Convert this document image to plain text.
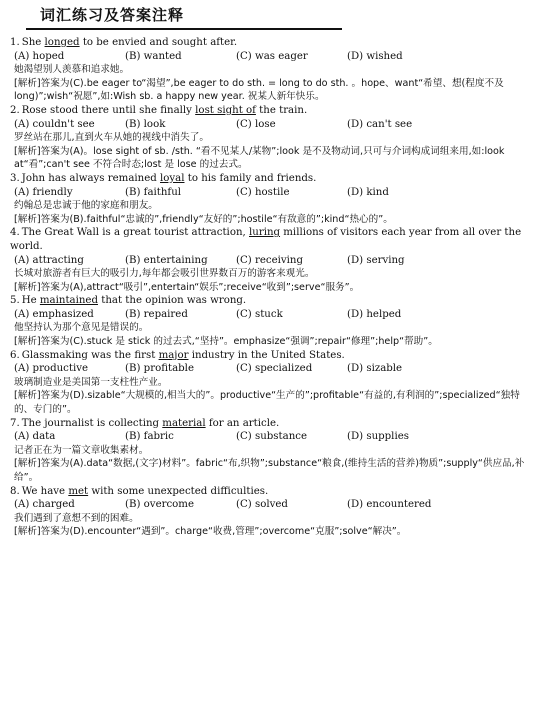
词汇练习及答案注释
1. She longed to be envied and sought after.
(A) hoped	(B) wanted	(C) was eager	(D) wished
她渴望别人羡慕和追求她。
[解析]答案为(C).be eager to“渴望”,be eager to do sth. = long to do sth. 。hope、want“希望、想(程度不及 long)”;wish“祝愿”,如:Wish sb. a happy new year. 祝某人新年快乐。
2. Rose stood there until she finally lost sight of the train.
(A) couldn't see	(B) look	(C) lose	(D) can't see
罗丝站在那儿,直到火车从她的视线中消失了。
[解析]答案为(A)。lose sight of sb. /sth. “看不见某人/某物”;look 是不及物动词,只可与介词构成词组来用,如:look at“看”;can't see 不符合时态;lost 是 lose 的过去式。
3. John has always remained loyal to his family and friends.
(A) friendly	(B) faithful	(C) hostile	(D) kind
约翰总是忠诚于他的家庭和朋友。
[解析]答案为(B).faithful“忠诚的”,friendly“友好的”;hostile“有敌意的”;kind“热心的”。
4. The Great Wall is a great tourist attraction, luring millions of visitors each year from all over the world.
(A) attracting	(B) entertaining	(C) receiving	(D) serving
长城对旅游者有巨大的吸引力,每年都会吸引世界数百万的游客来观光。
[解析]答案为(A),attract“吸引”,entertain“娱乐”;receive“收到”;serve“服务”。
5. He maintained that the opinion was wrong.
(A) emphasized	(B) repaired	(C) stuck	(D) helped
他坚持认为那个意见是错误的。
[解析]答案为(C).stuck 是 stick 的过去式,“坚持”。emphasize“强调”;repair“修理”;help“帮助”。
6. Glassmaking was the first major industry in the United States.
(A) productive	(B) profitable	(C) specialized	(D) sizable
玻璃制造业是美国第一支柱性产业。
[解析]答案为(D).sizable“大规模的,相当大的”。productive“生产的”;profitable“有益的,有利润的”;specialized“独特的、专门的”。
7. The journalist is collecting material for an article.
(A) data	(B) fabric	(C) substance	(D) supplies
记者正在为一篇文章收集素材。
[解析]答案为(A).data“数据,(文字)材料”。fabric“布,织物”;substance“粮食,(维持生活的营养)物质”;supply“供应品,补给”。
8. We have met with some unexpected difficulties.
(A) charged	(B) overcome	(C) solved	(D) encountered
我们遇到了意想不到的困难。
[解析]答案为(D).encounter“遇到”。charge“收费,管理”;overcome“克服”;solve“解决”。
